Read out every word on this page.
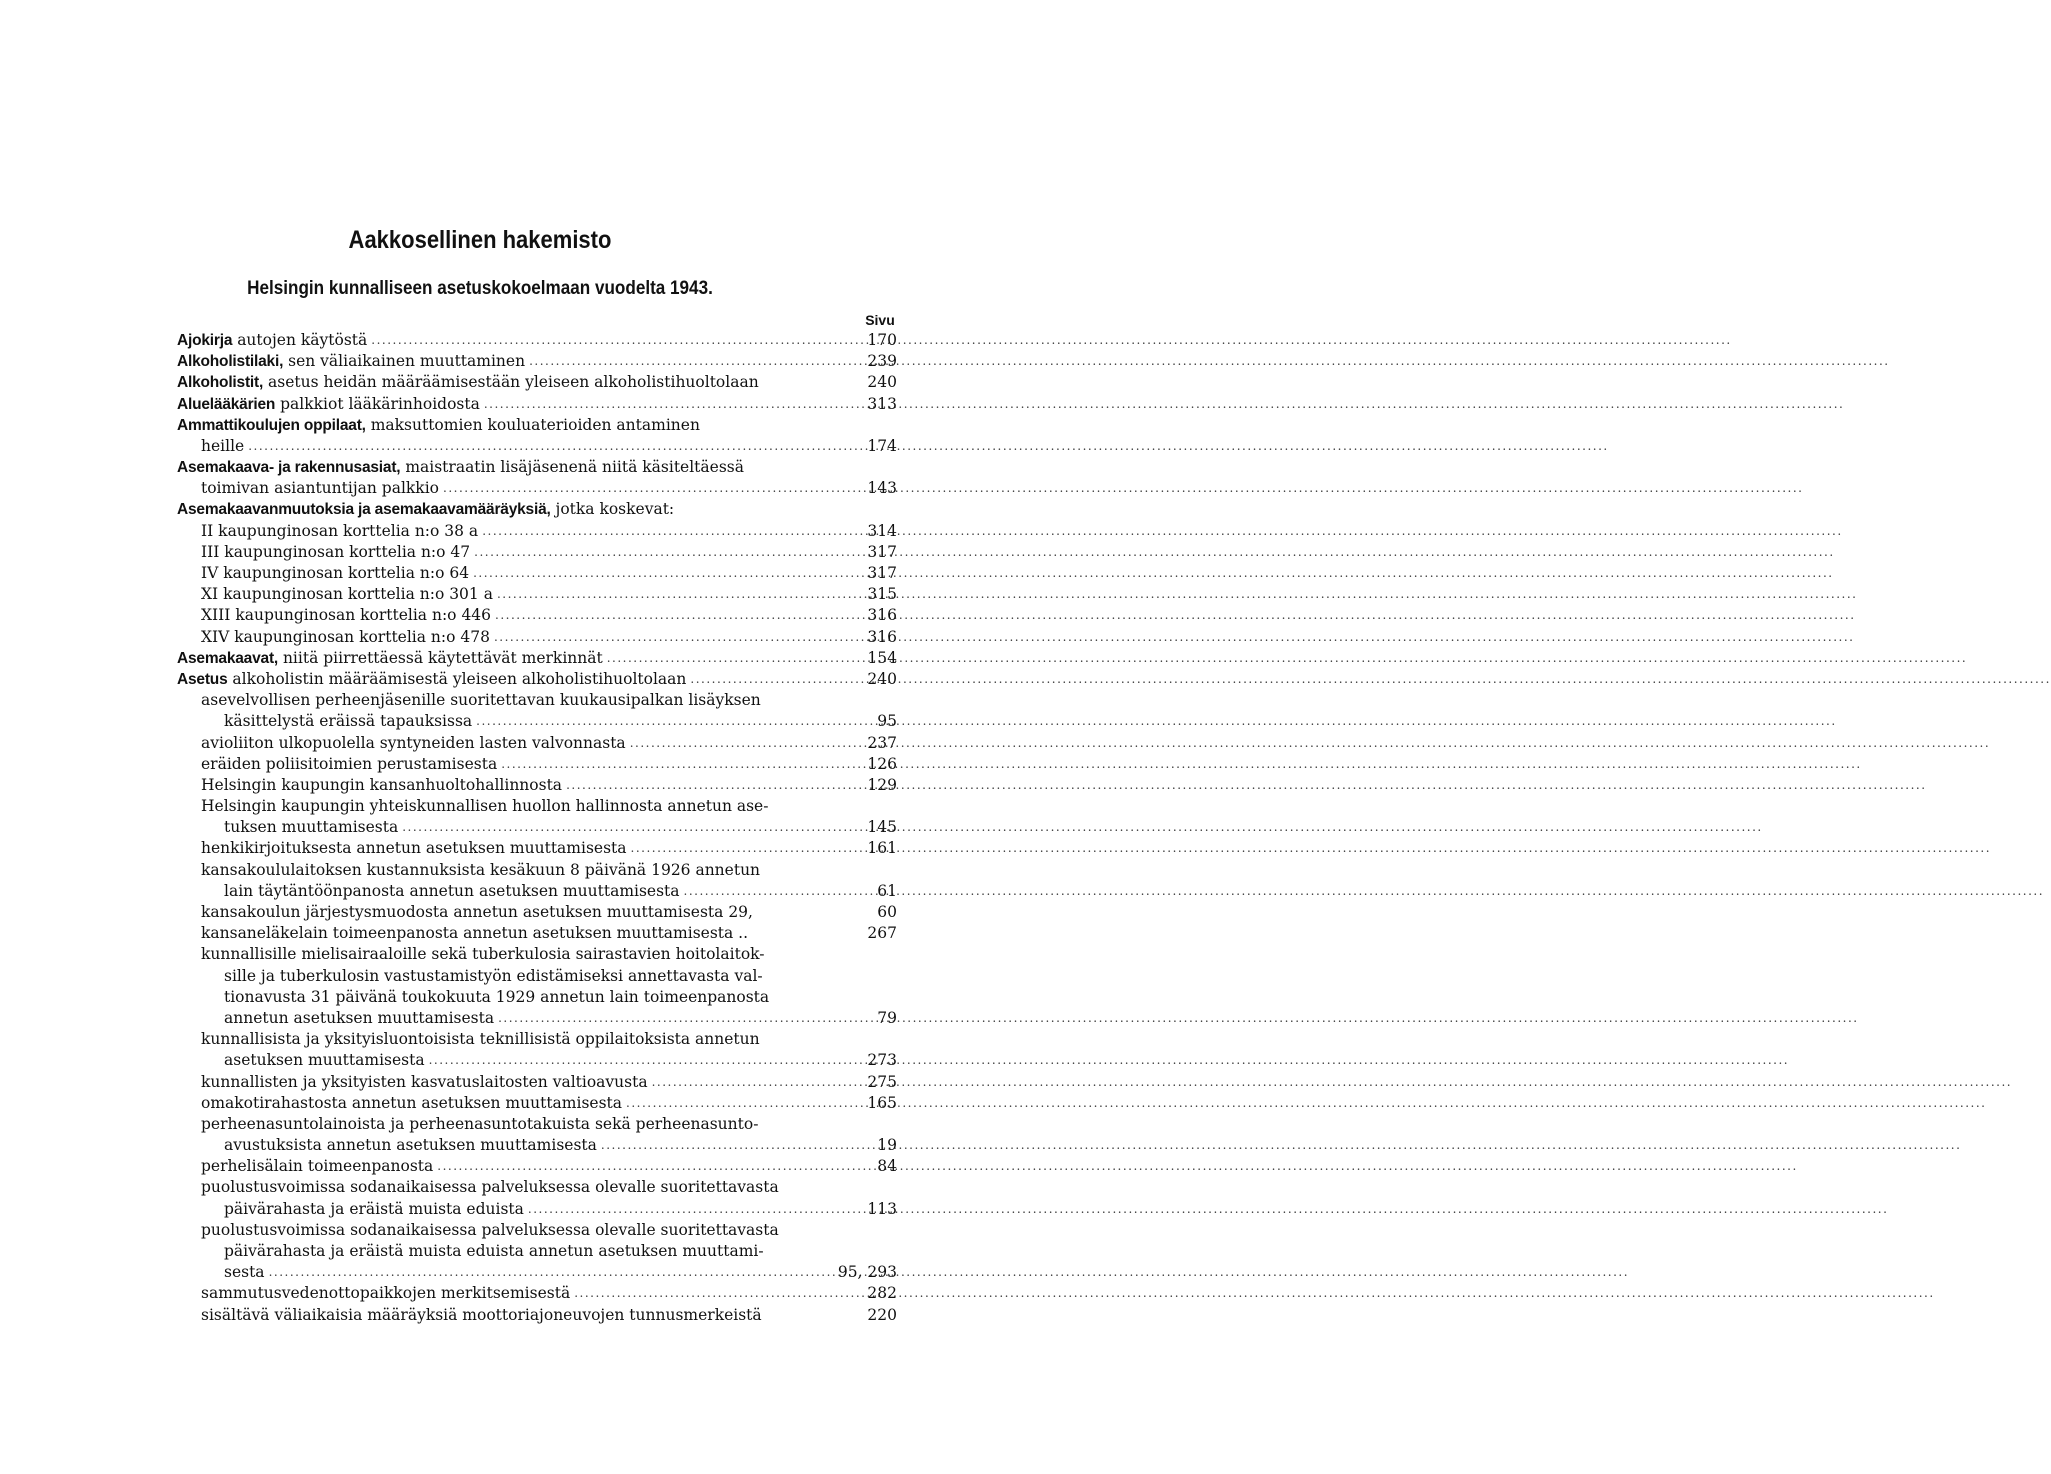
Aakkosellinen hakemisto
Helsingin kunnalliseen asetuskokoelmaan vuodelta 1943.
Sivu
Ajokirja autojen käytöstä .....	170
Alkoholistilaki, sen väliaikainen muuttaminen .....	239
Alkoholistit, asetus heidän määräämisestään yleiseen alkoholistihuoltolaan	240
Aluelääkärien palkkiot lääkärinhoidosta .....	313
Ammattikoulujen oppilaat, maksuttomien kouluaterioiden antaminen
heille .....	174
Asemakaava- ja rakennusasiat, maistraatin lisäjäsenenä niitä käsiteltäessä
toimivan asiantuntijan palkkio .....	143
Asemakaavanmuutoksia ja asemakaavamääräyksiä, jotka koskevat:
II kaupunginosan korttelia n:o 38 a .....	314
III kaupunginosan korttelia n:o 47 .....	317
IV kaupunginosan korttelia n:o 64 .....	317
XI kaupunginosan korttelia n:o 301 a .....	315
XIII kaupunginosan korttelia n:o 446 .....	316
XIV kaupunginosan korttelia n:o 478 .....	316
Asemakaavat, niitä piirrettäessä käytettävät merkinnät .....	154
Asetus alkoholistin määräämisestä yleiseen alkoholistihuoltolaan .....	240
asevelvollisen perheenjäsenille suoritettavan kuukausipalkan lisäyksen
käsittelystä eräissä tapauksissa .....	95
avioliiton ulkopuolella syntyneiden lasten valvonnasta .....	237
eräiden poliisitoimien perustamisesta .....	126
Helsingin kaupungin kansanhuoltohallinnosta .....	129
Helsingin kaupungin yhteiskunnallisen huollon hallinnosta annetun ase-
tuksen muuttamisesta .....	145
henkikirjoituksesta annetun asetuksen muuttamisesta .....	161
kansakoululaitoksen kustannuksista kesäkuun 8 päivänä 1926 annetun
lain täytäntöönpanosta annetun asetuksen muuttamisesta .....	61
kansakoulun järjestysmuodosta annetun asetuksen muuttamisesta 29,	60
kansaneläkelain toimeenpanosta annetun asetuksen muuttamisesta ..	267
kunnallisille mielisairaaloille sekä tuberkulosia sairastavien hoitolaitok-
sille ja tuberkulosin vastustamistyön edistämiseksi annettavasta val-
tionavusta 31 päivänä toukokuuta 1929 annetun lain toimeenpanosta
annetun asetuksen muuttamisesta .....	79
kunnallisista ja yksityisluontoisista teknillisistä oppilaitoksista annetun
asetuksen muuttamisesta .....	273
kunnallisten ja yksityisten kasvatuslaitosten valtioavusta .....	275
omakotirahastosta annetun asetuksen muuttamisesta .....	165
perheenasuntolainoista ja perheenasuntotakuista sekä perheenasunto-
avustuksista annetun asetuksen muuttamisesta .....	19
perhelisälain toimeenpanosta .....	84
puolustusvoimissa sodanaikaisessa palveluksessa olevalle suoritettavasta
päivärahasta ja eräistä muista eduista .....	113
puolustusvoimissa sodanaikaisessa palveluksessa olevalle suoritettavasta
päivärahasta ja eräistä muista eduista annetun asetuksen muuttami-
sesta .....	95, 293
sammutusvedenottopaikkojen merkitsemisestä .....	282
sisältävä väliaikaisia määräyksiä moottoriajoneuvojen tunnusmerkeistä	220
